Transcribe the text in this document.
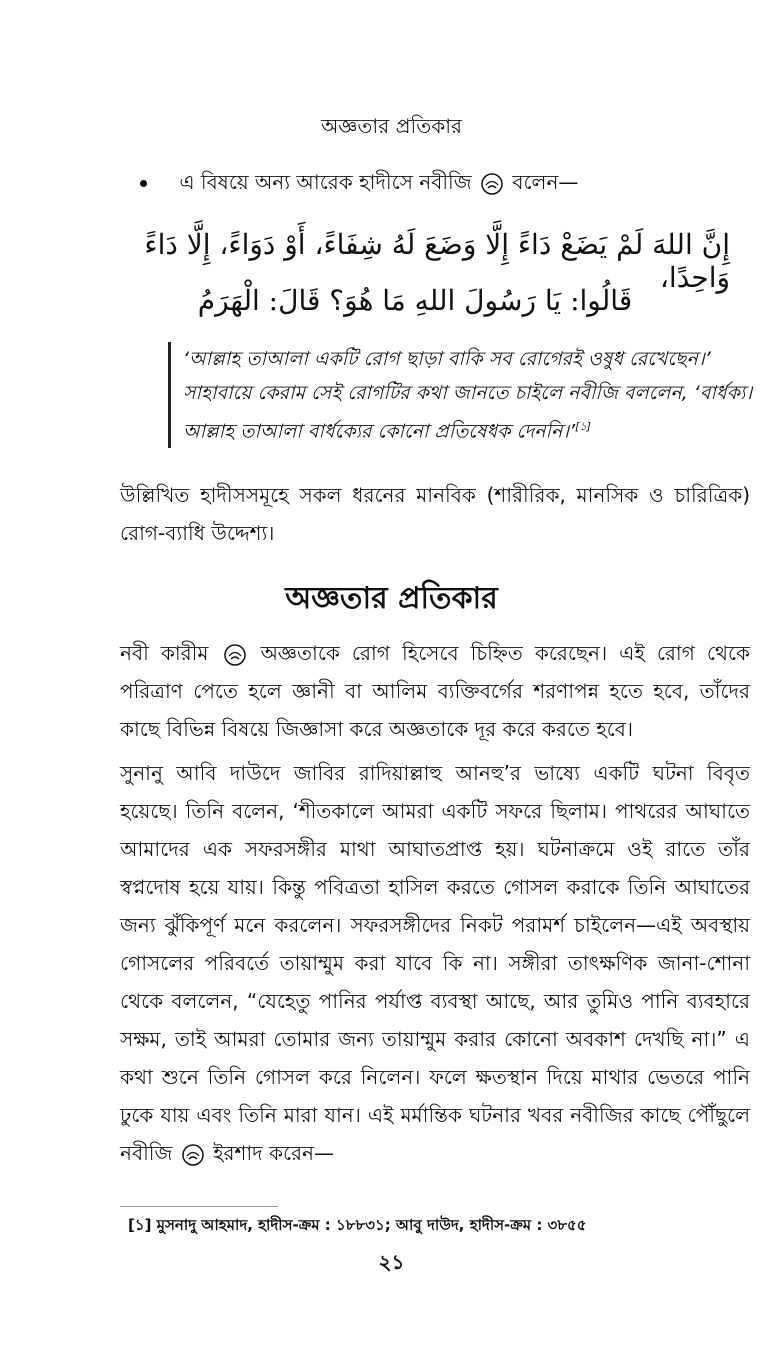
অজ্ঞতার প্রতিকার
এ বিষয়ে অন্য আরেক হাদীসে নবীজি বলেন—
إِنَّ اللهَ لَمْ يَضَعْ دَاءً إِلَّا وَضَعَ لَهُ شِفَاءً، أَوْ دَوَاءً، إِلَّا دَاءً وَاحِدًا،
قَالُوا: يَا رَسُولَ اللهِ مَا هُوَ؟ قَالَ: الْهَرَمُ
‘আল্লাহ তাআলা একটি রোগ ছাড়া বাকি সব রোগেরই ওষুধ রেখেছেন।’
সাহাবায়ে কেরাম সেই রোগটির কথা জানতে চাইলে নবীজি বললেন, ‘বার্ধক্য।
আল্লাহ তাআলা বার্ধক্যের কোনো প্রতিষেধক দেননি।’[১]
উল্লিখিত হাদীসসমূহে সকল ধরনের মানবিক (শারীরিক, মানসিক ও চারিত্রিক) রোগ-ব্যাধি উদ্দেশ্য।
অজ্ঞতার প্রতিকার
নবী কারীম	অজ্ঞতাকে রোগ হিসেবে চিহ্নিত করেছেন। এই রোগ থেকে পরিত্রাণ পেতে হলে জ্ঞানী বা আলিম ব্যক্তিবর্গের শরণাপন্ন হতে হবে, তাঁদের কাছে বিভিন্ন বিষয়ে জিজ্ঞাসা করে অজ্ঞতাকে দূর করে করতে হবে।
সুনানু আবি দাউদে জাবির রাদিয়াল্লাহু আনহু’র ভাষ্যে একটি ঘটনা বিবৃত হয়েছে। তিনি বলেন, ‘শীতকালে আমরা একটি সফরে ছিলাম। পাথরের আঘাতে আমাদের এক সফরসঙ্গীর মাথা আঘাতপ্রাপ্ত হয়। ঘটনাক্রমে ওই রাতে তাঁর স্বপ্নদোষ হয়ে যায়। কিন্তু পবিত্রতা হাসিল করতে গোসল করাকে তিনি আঘাতের জন্য ঝুঁকিপূর্ণ মনে করলেন। সফরসঙ্গীদের নিকট পরামর্শ চাইলেন—এই অবস্থায় গোসলের পরিবর্তে তায়াম্মুম করা যাবে কি না। সঙ্গীরা তাৎক্ষণিক জানা-শোনা থেকে বললেন, “যেহেতু পানির পর্যাপ্ত ব্যবস্থা আছে, আর তুমিও পানি ব্যবহারে সক্ষম, তাই আমরা তোমার জন্য তায়াম্মুম করার কোনো অবকাশ দেখছি না।” এ কথা শুনে তিনি গোসল করে নিলেন। ফলে ক্ষতস্থান দিয়ে মাথার ভেতরে পানি ঢুকে যায় এবং তিনি মারা যান। এই মর্মান্তিক ঘটনার খবর নবীজির কাছে পৌঁছুলে নবীজি ইরশাদ করেন—
[১] মুসনাদু আহমাদ, হাদীস-ক্রম : ১৮৮৩১; আবু দাউদ, হাদীস-ক্রম : ৩৮৫৫
২১
